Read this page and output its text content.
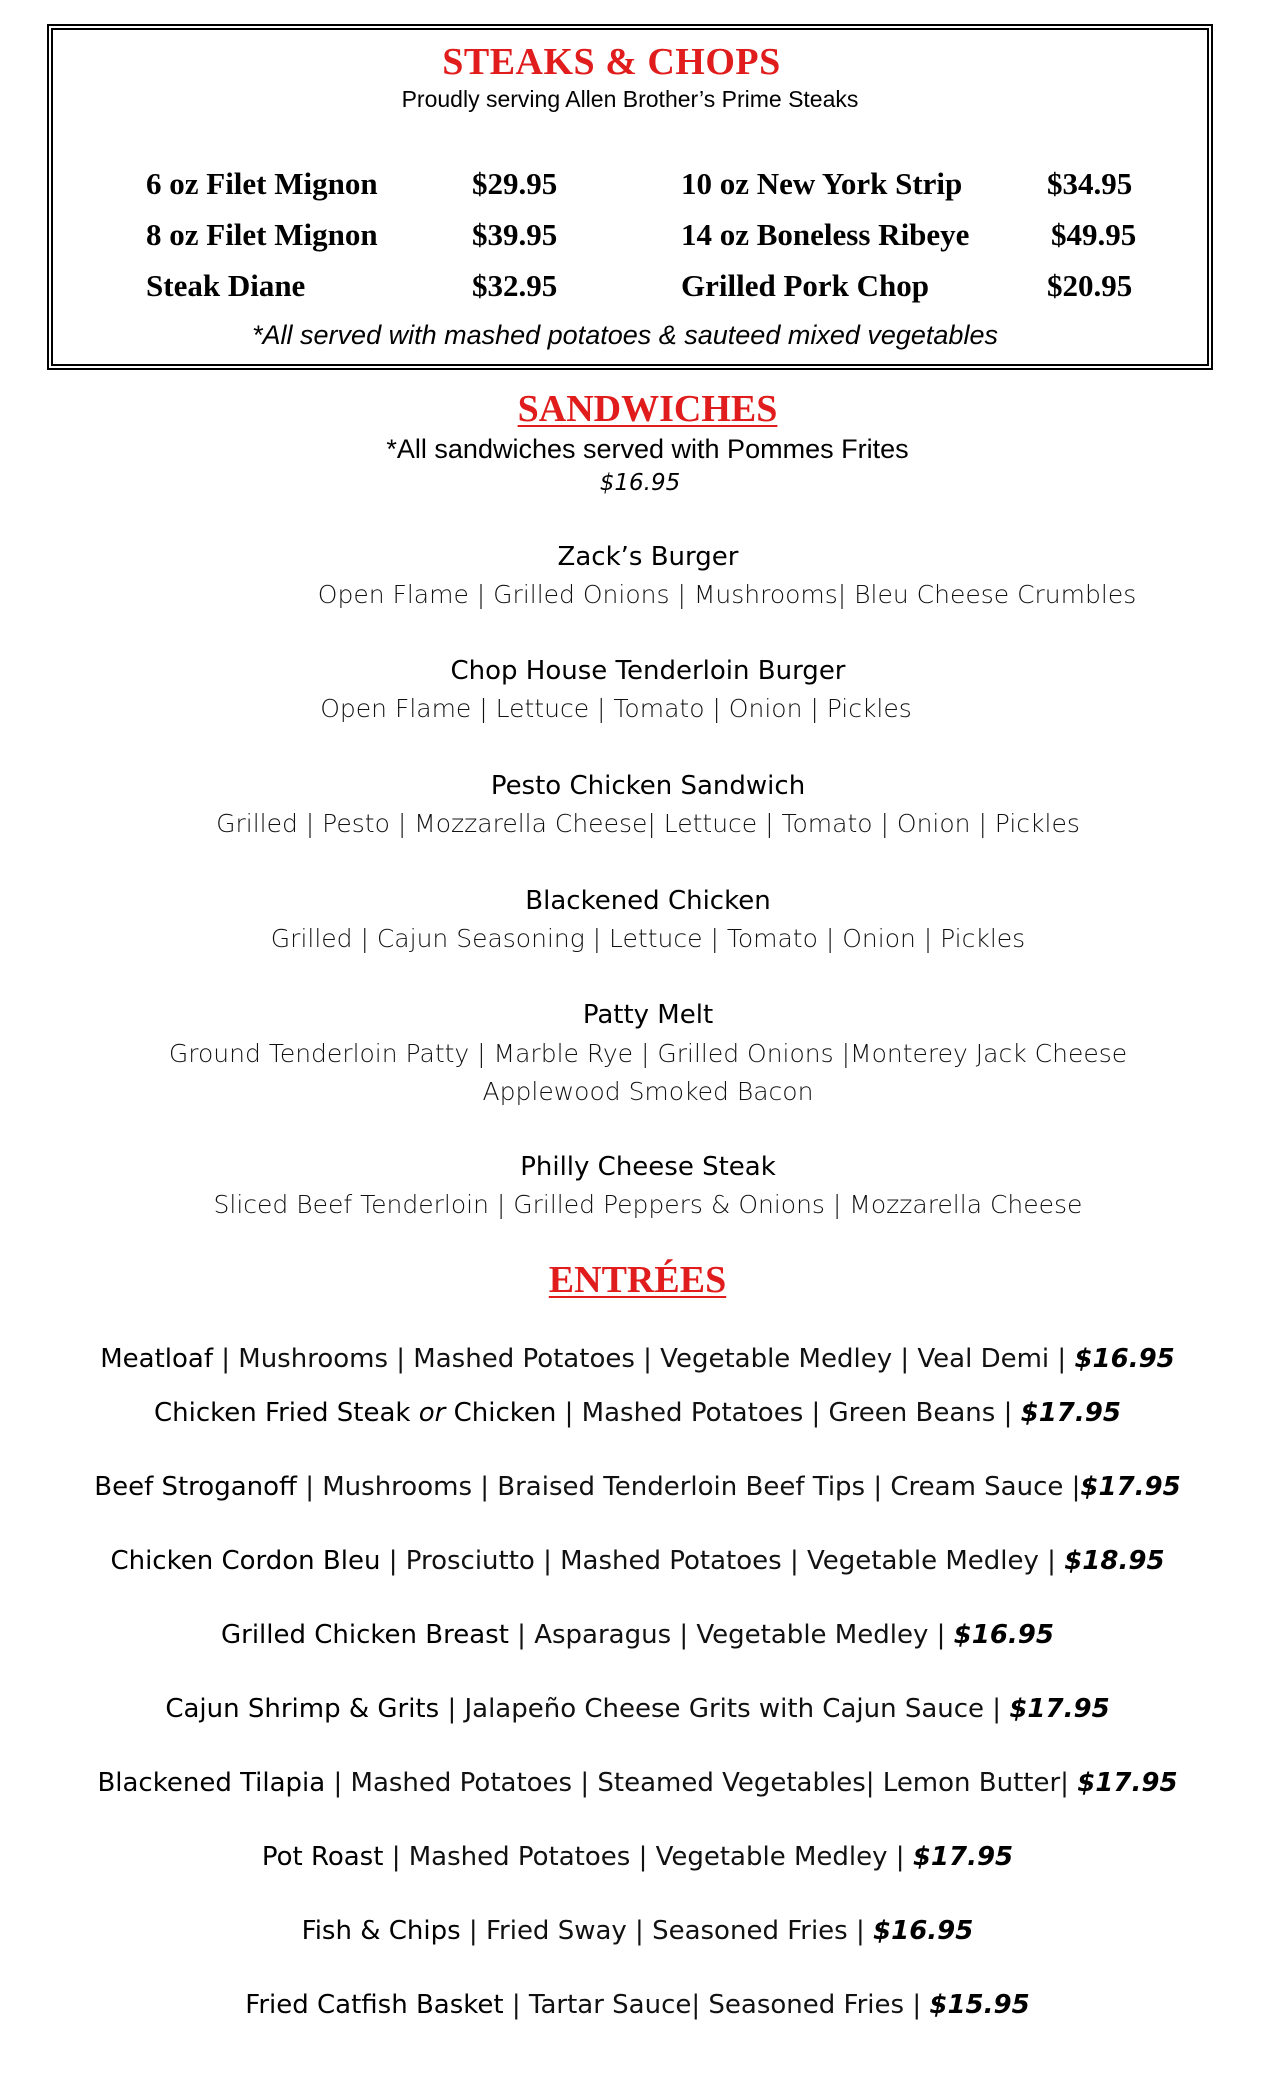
STEAKS & CHOPS
Proudly serving Allen Brother’s Prime Steaks
6 oz Filet Mignon	$29.95
8 oz Filet Mignon	$39.95
Steak Diane	$32.95
10 oz New York Strip	$34.95
14 oz Boneless Ribeye	$49.95
Grilled Pork Chop	$20.95
*All served with mashed potatoes & sauteed mixed vegetables
SANDWICHES
*All sandwiches served with Pommes Frites
$16.95
Zack’s Burger
Open Flame | Grilled Onions | Mushrooms| Bleu Cheese Crumbles
Chop House Tenderloin Burger
Open Flame | Lettuce | Tomato | Onion | Pickles
Pesto Chicken Sandwich
Grilled | Pesto | Mozzarella Cheese| Lettuce | Tomato | Onion | Pickles
Blackened Chicken
Grilled | Cajun Seasoning | Lettuce | Tomato | Onion | Pickles
Patty Melt
Ground Tenderloin Patty | Marble Rye | Grilled Onions |Monterey Jack Cheese
Applewood Smoked Bacon
Philly Cheese Steak
Sliced Beef Tenderloin | Grilled Peppers & Onions | Mozzarella Cheese
ENTRÉES
Meatloaf | Mushrooms | Mashed Potatoes | Vegetable Medley | Veal Demi | $16.95
Chicken Fried Steak or Chicken | Mashed Potatoes | Green Beans | $17.95
Beef Stroganoff | Mushrooms | Braised Tenderloin Beef Tips | Cream Sauce |$17.95
Chicken Cordon Bleu | Prosciutto | Mashed Potatoes | Vegetable Medley | $18.95
Grilled Chicken Breast | Asparagus | Vegetable Medley | $16.95
Cajun Shrimp & Grits | Jalapeño Cheese Grits with Cajun Sauce | $17.95
Blackened Tilapia | Mashed Potatoes | Steamed Vegetables| Lemon Butter| $17.95
Pot Roast | Mashed Potatoes | Vegetable Medley | $17.95
Fish & Chips | Fried Sway | Seasoned Fries | $16.95
Fried Catfish Basket | Tartar Sauce| Seasoned Fries | $15.95
